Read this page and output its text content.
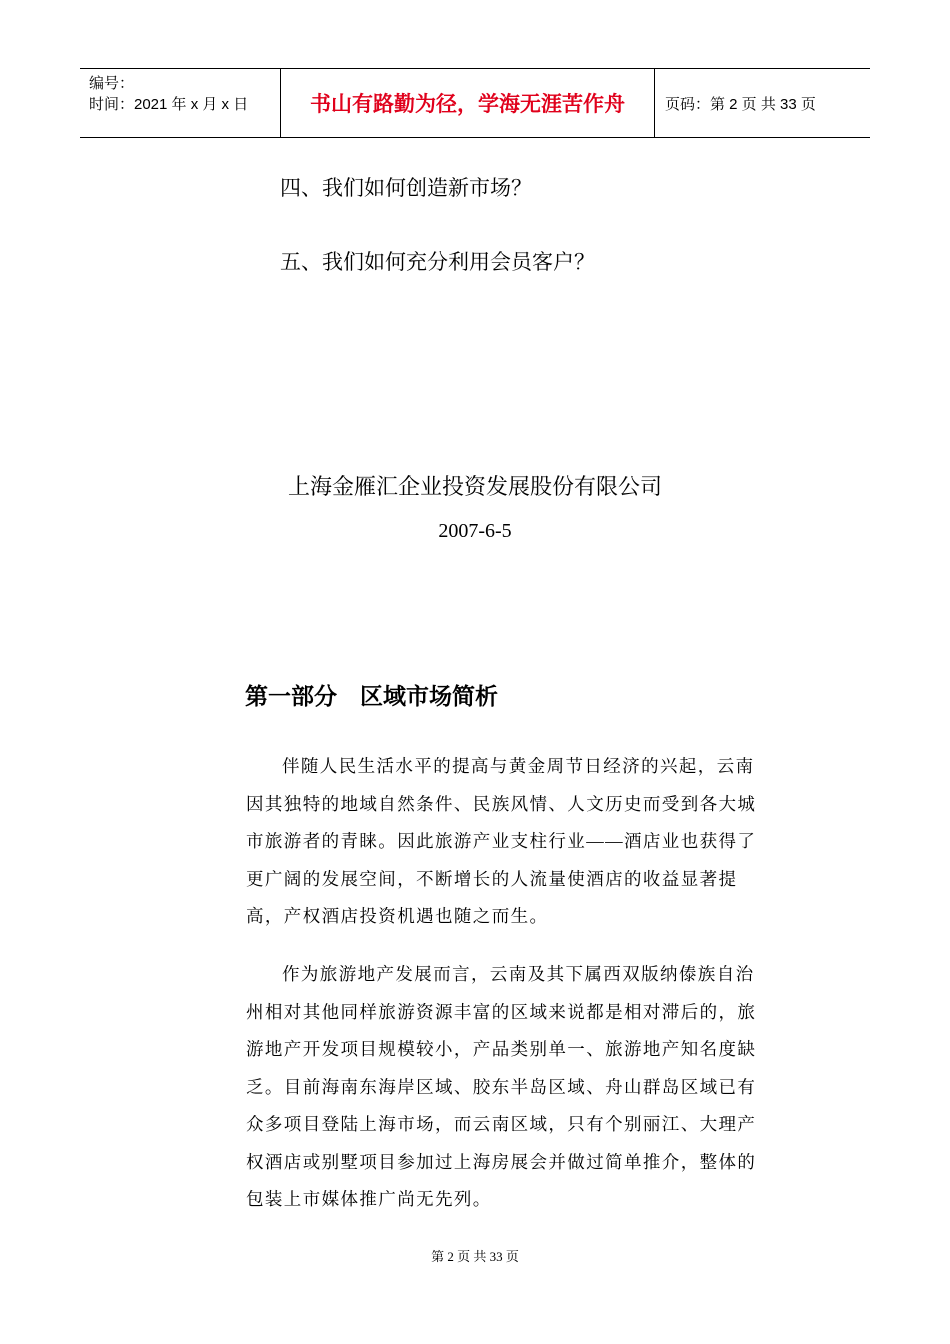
编号：
时间：2021 年 x 月 x 日	书山有路勤为径，学海无涯苦作舟	页码：第 2 页 共 33 页
四、我们如何创造新市场？
五、我们如何充分利用会员客户？
上海金雁汇企业投资发展股份有限公司
2007-6-5
第一部分　区域市场简析

伴随人民生活水平的提高与黄金周节日经济的兴起，云南因其独特的地域自然条件、民族风情、人文历史而受到各大城市旅游者的青睐。因此旅游产业支柱行业——酒店业也获得了更广阔的发展空间，不断增长的人流量使酒店的收益显著提高，产权酒店投资机遇也随之而生。

作为旅游地产发展而言，云南及其下属西双版纳傣族自治州相对其他同样旅游资源丰富的区域来说都是相对滞后的，旅游地产开发项目规模较小，产品类别单一、旅游地产知名度缺乏。目前海南东海岸区域、胶东半岛区域、舟山群岛区域已有众多项目登陆上海市场，而云南区域，只有个别丽江、大理产权酒店或别墅项目参加过上海房展会并做过简单推介，整体的包装上市媒体推广尚无先列。

第 2 页 共 33 页
